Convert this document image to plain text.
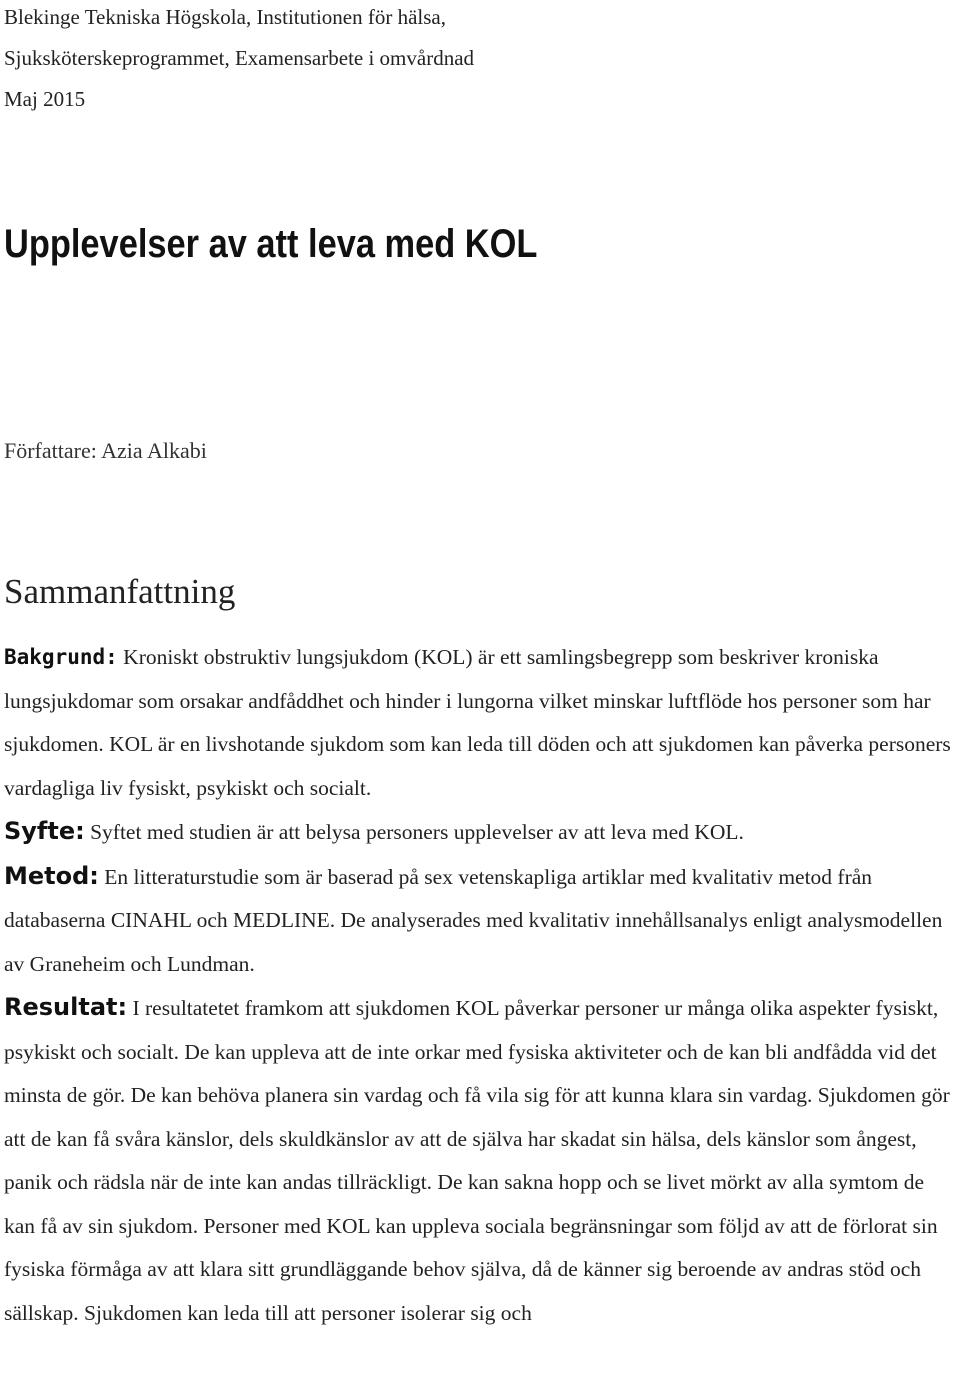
Blekinge Tekniska Högskola, Institutionen för hälsa,
Sjuksköterskeprogrammet, Examensarbete i omvårdnad
Maj 2015
Upplevelser av att leva med KOL
Författare: Azia Alkabi
Sammanfattning

Bakgrund: Kroniskt obstruktiv lungsjukdom (KOL) är ett samlingsbegrepp som beskriver kroniska lungsjukdomar som orsakar andfåddhet och hinder i lungorna vilket minskar luftflöde hos personer som har sjukdomen. KOL är en livshotande sjukdom som kan leda till döden och att sjukdomen kan påverka personers vardagliga liv fysiskt, psykiskt och socialt.

Syfte: Syftet med studien är att belysa personers upplevelser av att leva med KOL.

Metod: En litteraturstudie som är baserad på sex vetenskapliga artiklar med kvalitativ metod från databaserna CINAHL och MEDLINE. De analyserades med kvalitativ innehållsanalys enligt analysmodellen av Graneheim och Lundman.

Resultat: I resultatetet framkom att sjukdomen KOL påverkar personer ur många olika aspekter fysiskt, psykiskt och socialt. De kan uppleva att de inte orkar med fysiska aktiviteter och de kan bli andfådda vid det minsta de gör. De kan behöva planera sin vardag och få vila sig för att kunna klara sin vardag. Sjukdomen gör att de kan få svåra känslor, dels skuldkänslor av att de själva har skadat sin hälsa, dels känslor som ångest, panik och rädsla när de inte kan andas tillräckligt. De kan sakna hopp och se livet mörkt av alla symtom de kan få av sin sjukdom. Personer med KOL kan uppleva sociala begränsningar som följd av att de förlorat sin fysiska förmåga av att klara sitt grundläggande behov själva, då de känner sig beroende av andras stöd och sällskap. Sjukdomen kan leda till att personer isolerar sig och
